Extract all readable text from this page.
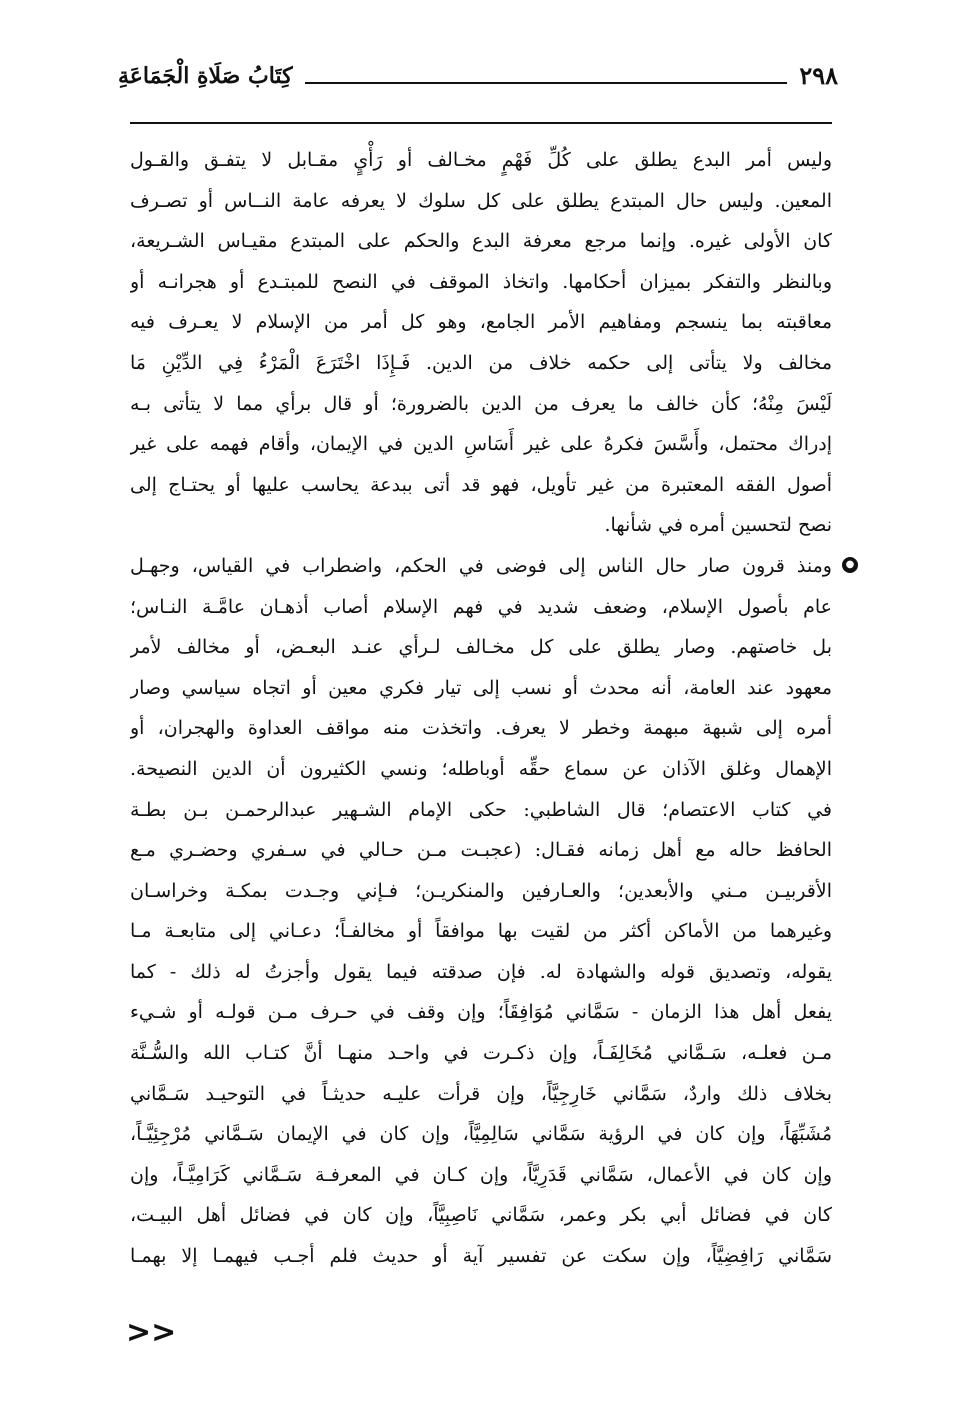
٢٩٨
كِتَابُ صَلَاةِ الْجَمَاعَةِ
وليس أمر البدع يطلق على كُلِّ فَهْمٍ مخـالف أو رَأْيٍ مقـابل لا يتفـق والقـول
المعين. وليس حال المبتدع يطلق على كل سلوك لا يعرفه عامة النــاس أو تصـرف
كان الأولى غيره. وإنما مرجع معرفة البدع والحكم على المبتدع مقيـاس الشـريعة،
وبالنظر والتفكر بميزان أحكامها. واتخاذ الموقف في النصح للمبتـدع أو هجرانـه أو
معاقبته بما ينسجم ومفاهيم الأمر الجامع، وهو كل أمر من الإسلام لا يعـرف فيه
مخالف ولا يتأتى إلى حكمه خلاف من الدين. فَـإِذَا اخْتَرَعَ الْمَرْءُ فِي الدِّيْنِ مَا
لَيْسَ مِنْهُ؛ كأن خالف ما يعرف من الدين بالضرورة؛ أو قال برأي مما لا يتأتى بـه
إدراك محتمل، وأَسَّسَ فكرهُ على غير أَسَاسِ الدين في الإيمان، وأقام فهمه على غير
أصول الفقه المعتبرة من غير تأويل، فهو قد أتى ببدعة يحاسب عليها أو يحتـاج إلى
نصح لتحسين أمره في شأنها.
●
ومنذ قرون صار حال الناس إلى فوضى في الحكم، واضطراب في القياس، وجهـل
عام بأصول الإسلام، وضعف شديد في فهم الإسلام أصاب أذهـان عامَّـة النـاس؛
بل خاصتهم. وصار يطلق على كل مخـالف لـرأي عنـد البعـض، أو مخالف لأمر
معهود عند العامة، أنه محدث أو نسب إلى تيار فكري معين أو اتجاه سياسي وصار
أمره إلى شبهة مبهمة وخطر لا يعرف. واتخذت منه مواقف العداوة والهجران، أو
الإهمال وغلق الآذان عن سماع حقِّه أوباطله؛ ونسي الكثيرون أن الدين النصيحة.
في كتاب الاعتصام؛ قال الشاطبي: حكى الإمام الشـهير عبدالرحمـن بـن بطـة
الحافظ حاله مع أهل زمانه فقـال: (عجبـت مـن حـالي في سـفري وحضـري مـع
الأقربيـن مـني والأبعدين؛ والعـارفين والمنكريـن؛ فـإني وجـدت بمكـة وخراسـان
وغيرهما من الأماكن أكثر من لقيت بها موافقاً أو مخالفـاً؛ دعـاني إلى متابعـة مـا
يقوله، وتصديق قوله والشهادة له. فإن صدقته فيما يقول وأجزتُ له ذلك - كما
يفعل أهل هذا الزمان - سَمَّاني مُوَافِقَاً؛ وإن وقف في حـرف مـن قولـه أو شـيء
مـن فعلـه، سَـمَّاني مُخَالِفَـاً، وإن ذكـرت في واحـد منهـا أنَّ كتـاب الله والسُّـنَّة
بخلاف ذلك واردٌ، سَمَّاني خَارِجِيَّاً، وإن قرأت عليـه حديثـاً في التوحيـد سَـمَّاني
مُشَبِّهَاً، وإن كان في الرؤية سَمَّاني سَالِمِيَّاً، وإن كان في الإيمان سَـمَّاني مُرْجِئِيَّـاً،
وإن كان في الأعمال، سَمَّاني قَدَرِيَّاً، وإن كـان في المعرفـة سَـمَّاني كَرَامِيَّـاً، وإن
كان في فضائل أبي بكر وعمر، سَمَّاني نَاصِبِيَّاً، وإن كان في فضائل أهل البيـت،
سَمَّاني رَافِضِيَّاً، وإن سكت عن تفسير آية أو حديث فلم أجـب فيهمـا إلا بهمـا
<<
